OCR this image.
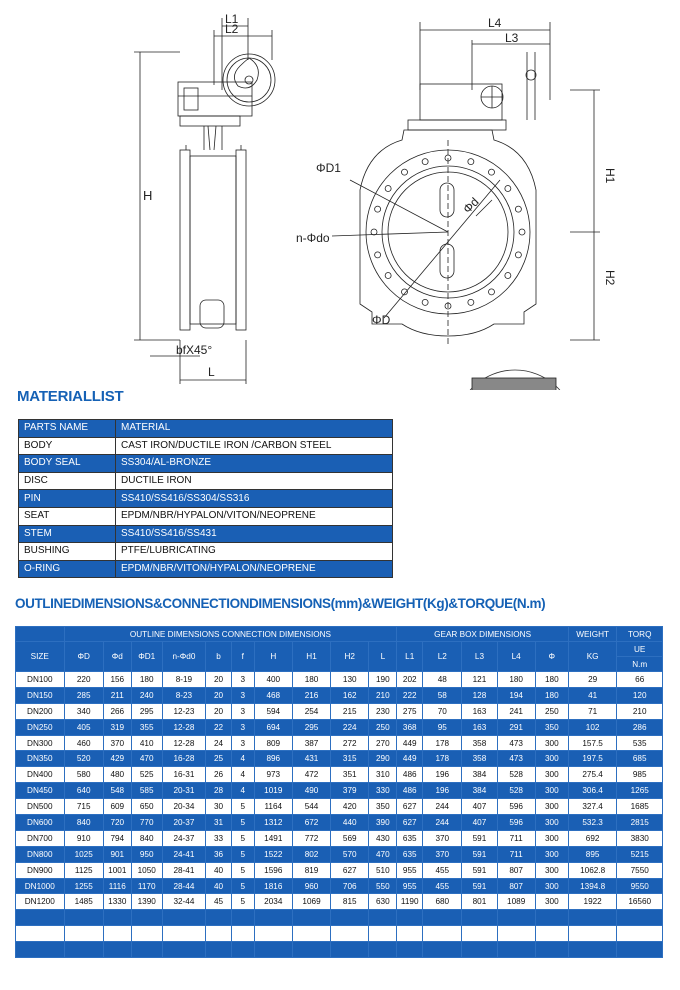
L1
L2	L4
L3
H
H1
H2
L
ΦD1
n-Φdo
Φd
ΦD
bfX45°
MATERIALLIST
PARTS NAME	MATERIAL
BODY	CAST IRON/DUCTILE IRON /CARBON STEEL
BODY SEAL	SS304/AL-BRONZE
DISC	DUCTILE IRON
PIN	SS410/SS416/SS304/SS316
SEAT	EPDM/NBR/HYPALON/VITON/NEOPRENE
STEM	SS410/SS416/SS431
BUSHING	PTFE/LUBRICATING
O-RING	EPDM/NBR/VITON/HYPALON/NEOPRENE
OUTLINEDIMENSIONS&CONNECTIONDIMENSIONS(mm)&WEIGHT(Kg)&TORQUE(N.m)
	OUTLINE DIMENSIONS CONNECTION DIMENSIONS										GEAR BOX DIMENSIONS					WEIGHT	TORQ
SIZE	ΦD	Φd	ΦD1	n-Φd0	b	f	H	H1	H2	L	L1	L2	L3	L4	Φ	KG	UE
																	N.m
DN100	220	156	180	8-19	20	3	400	180	130	190	202	48	121	180	180	29	66
DN150	285	211	240	8-23	20	3	468	216	162	210	222	58	128	194	180	41	120
DN200	340	266	295	12-23	20	3	594	254	215	230	275	70	163	241	250	71	210
DN250	405	319	355	12-28	22	3	694	295	224	250	368	95	163	291	350	102	286
DN300	460	370	410	12-28	24	3	809	387	272	270	449	178	358	473	300	157.5	535
DN350	520	429	470	16-28	25	4	896	431	315	290	449	178	358	473	300	197.5	685
DN400	580	480	525	16-31	26	4	973	472	351	310	486	196	384	528	300	275.4	985
DN450	640	548	585	20-31	28	4	1019	490	379	330	486	196	384	528	300	306.4	1265
DN500	715	609	650	20-34	30	5	1164	544	420	350	627	244	407	596	300	327.4	1685
DN600	840	720	770	20-37	31	5	1312	672	440	390	627	244	407	596	300	532.3	2815
DN700	910	794	840	24-37	33	5	1491	772	569	430	635	370	591	711	300	692	3830
DN800	1025	901	950	24-41	36	5	1522	802	570	470	635	370	591	711	300	895	5215
DN900	1125	1001	1050	28-41	40	5	1596	819	627	510	955	455	591	807	300	1062.8	7550
DN1000	1255	1116	1170	28-44	40	5	1816	960	706	550	955	455	591	807	300	1394.8	9550
DN1200	1485	1330	1390	32-44	45	5	2034	1069	815	630	1190	680	801	1089	300	1922	16560
